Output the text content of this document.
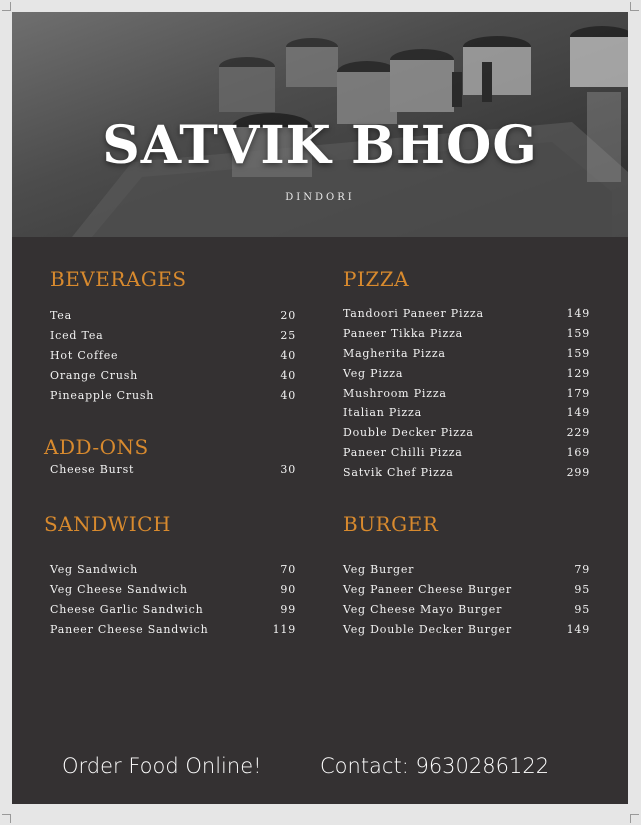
SATVIK BHOG
DINDORI
BEVERAGES
Tea	20
Iced Tea	25
Hot Coffee	40
Orange Crush	40
Pineapple Crush	40
ADD-ONS
Cheese Burst	30
SANDWICH
Veg Sandwich	70
Veg Cheese Sandwich	90
Cheese Garlic Sandwich	99
Paneer Cheese Sandwich	119
PIZZA
Tandoori Paneer Pizza	149
Paneer Tikka Pizza	159
Magherita Pizza	159
Veg Pizza	129
Mushroom Pizza	179
Italian Pizza	149
Double Decker Pizza	229
Paneer Chilli Pizza	169
Satvik Chef Pizza	299
BURGER
Veg Burger	79
Veg Paneer Cheese Burger	95
Veg Cheese Mayo Burger	95
Veg Double Decker Burger	149
Order Food Online!	Contact: 9630286122
